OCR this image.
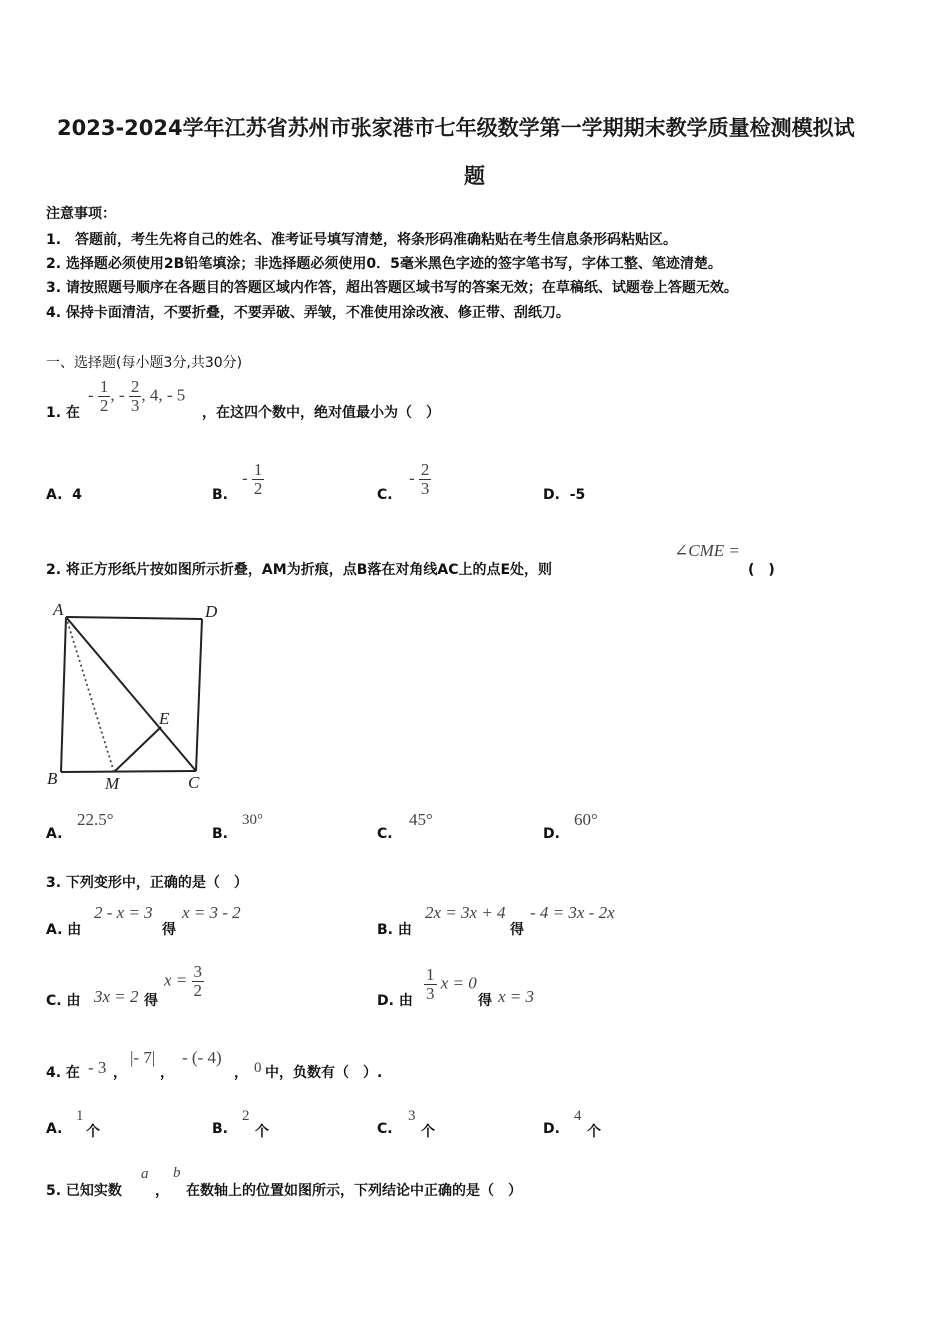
2023-2024学年江苏省苏州市张家港市七年级数学第一学期期末教学质量检测模拟试
题
注意事项：
1.　答题前，考生先将自己的姓名、准考证号填写清楚，将条形码准确粘贴在考生信息条形码粘贴区。
2. 选择题必须使用2B铅笔填涂；非选择题必须使用0．5毫米黑色字迹的签字笔书写，字体工整、笔迹清楚。
3. 请按照题号顺序在各题目的答题区域内作答，超出答题区域书写的答案无效；在草稿纸、试题卷上答题无效。
4. 保持卡面清洁，不要折叠，不要弄破、弄皱，不准使用涂改液、修正带、刮纸刀。
一、选择题(每小题3分,共30分)
1. 在
- $\frac{1}{2}$ , - $\frac{2}{3}$ , 4, - 5
，在这四个数中，绝对值最小为（　）
A. 4	B.
- $\frac{1}{2}$	C.
- $\frac{2}{3}$	D. -5
2. 将正方形纸片按如图所示折叠，AM为折痕，点B落在对角线AC上的点E处，则
∠CME =
(　)
A	D
B	C
E
M
A.
22.5°
B.
30°
C.
45°
D.
60°
3. 下列变形中，正确的是（　）
A. 由
2 - x = 3
得
x = 3 - 2
B. 由
2x = 3x + 4
得
- 4 = 3x - 2x
C. 由 3x = 2 得
$x = \frac{3}{2}$
D. 由 $\frac{1}{3}$ x = 0
得 x = 3
4. 在 - 3 ，
|- 7|
，
- (- 4)
， 0 中，负数有（　）.
A.
1
个	B.
2
个	C.
3
个	D.
4
个
5. 已知实数
a
，
b
在数轴上的位置如图所示，下列结论中正确的是（　）
